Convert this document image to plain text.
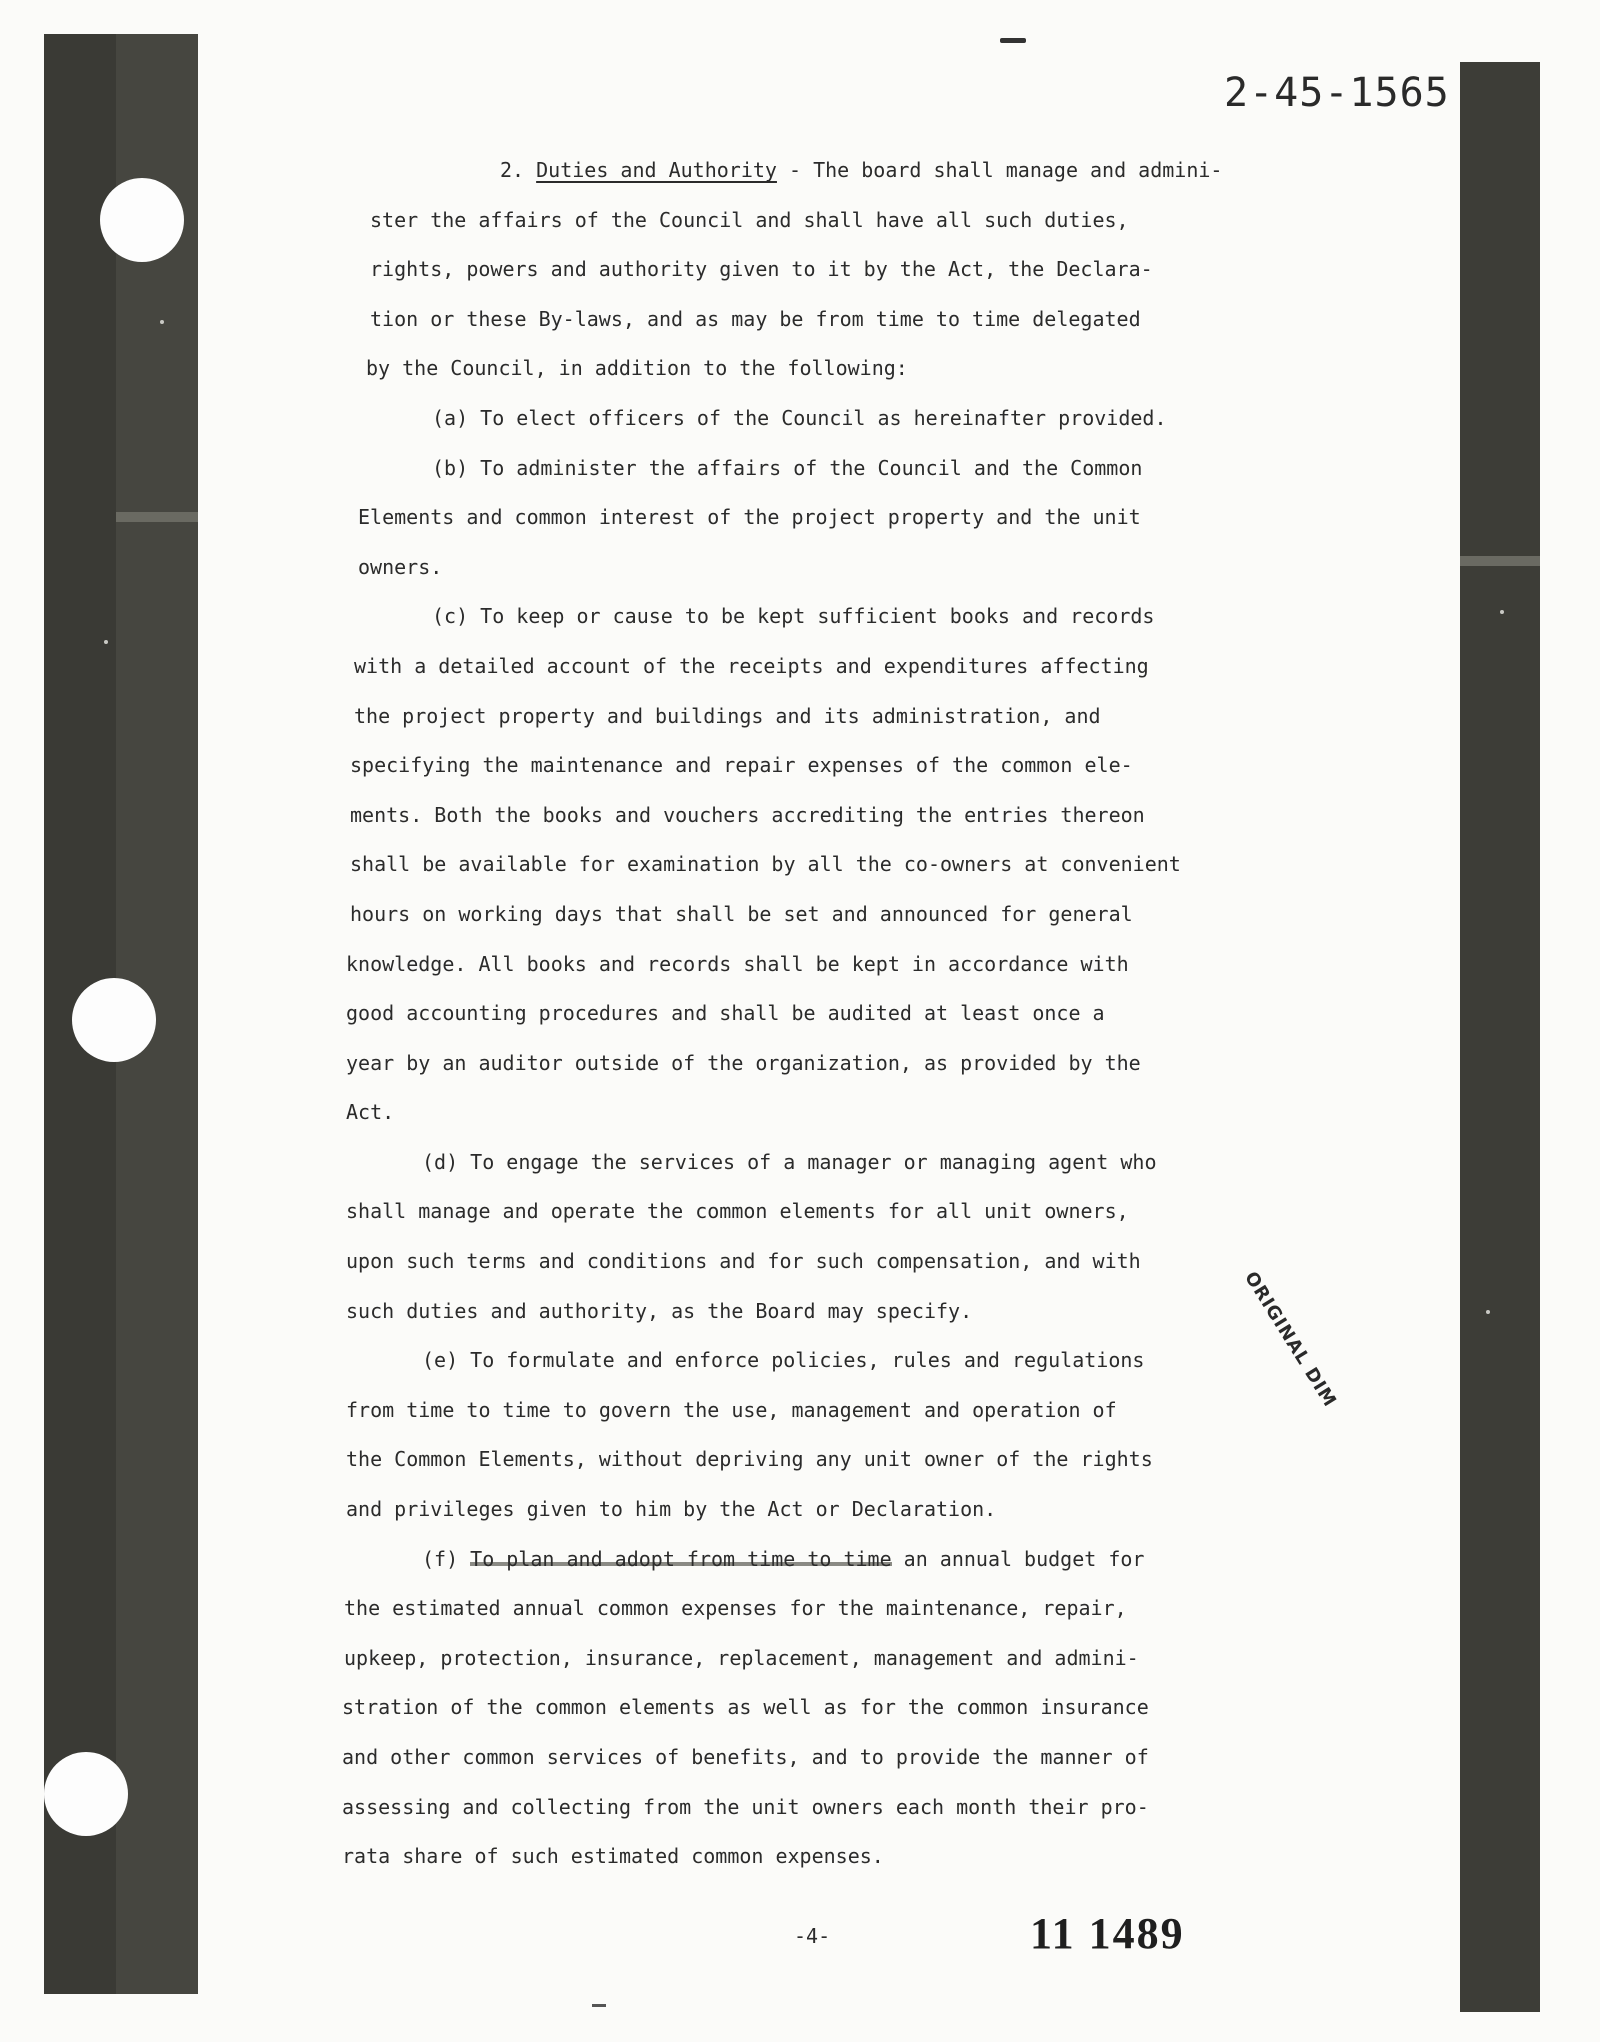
2-45-1565
2. Duties and Authority - The board shall manage and admini-
ster the affairs of the Council and shall have all such duties,
rights, powers and authority given to it by the Act, the Declara-
tion or these By-laws, and as may be from time to time delegated
by the Council, in addition to the following:
(a) To elect officers of the Council as hereinafter provided.
(b) To administer the affairs of the Council and the Common
Elements and common interest of the project property and the unit
owners.
(c) To keep or cause to be kept sufficient books and records
with a detailed account of the receipts and expenditures affecting
the project property and buildings and its administration, and
specifying the maintenance and repair expenses of the common ele-
ments. Both the books and vouchers accrediting the entries thereon
shall be available for examination by all the co-owners at convenient
hours on working days that shall be set and announced for general
knowledge. All books and records shall be kept in accordance with
good accounting procedures and shall be audited at least once a
year by an auditor outside of the organization, as provided by the
Act.
(d) To engage the services of a manager or managing agent who
shall manage and operate the common elements for all unit owners,
upon such terms and conditions and for such compensation, and with
such duties and authority, as the Board may specify.
(e) To formulate and enforce policies, rules and regulations
from time to time to govern the use, management and operation of
the Common Elements, without depriving any unit owner of the rights
and privileges given to him by the Act or Declaration.
(f) To plan and adopt from time to time an annual budget for
the estimated annual common expenses for the maintenance, repair,
upkeep, protection, insurance, replacement, management and admini-
stration of the common elements as well as for the common insurance
and other common services of benefits, and to provide the manner of
assessing and collecting from the unit owners each month their pro-
rata share of such estimated common expenses.
ORIGINAL DIM
-4-	11 1489
